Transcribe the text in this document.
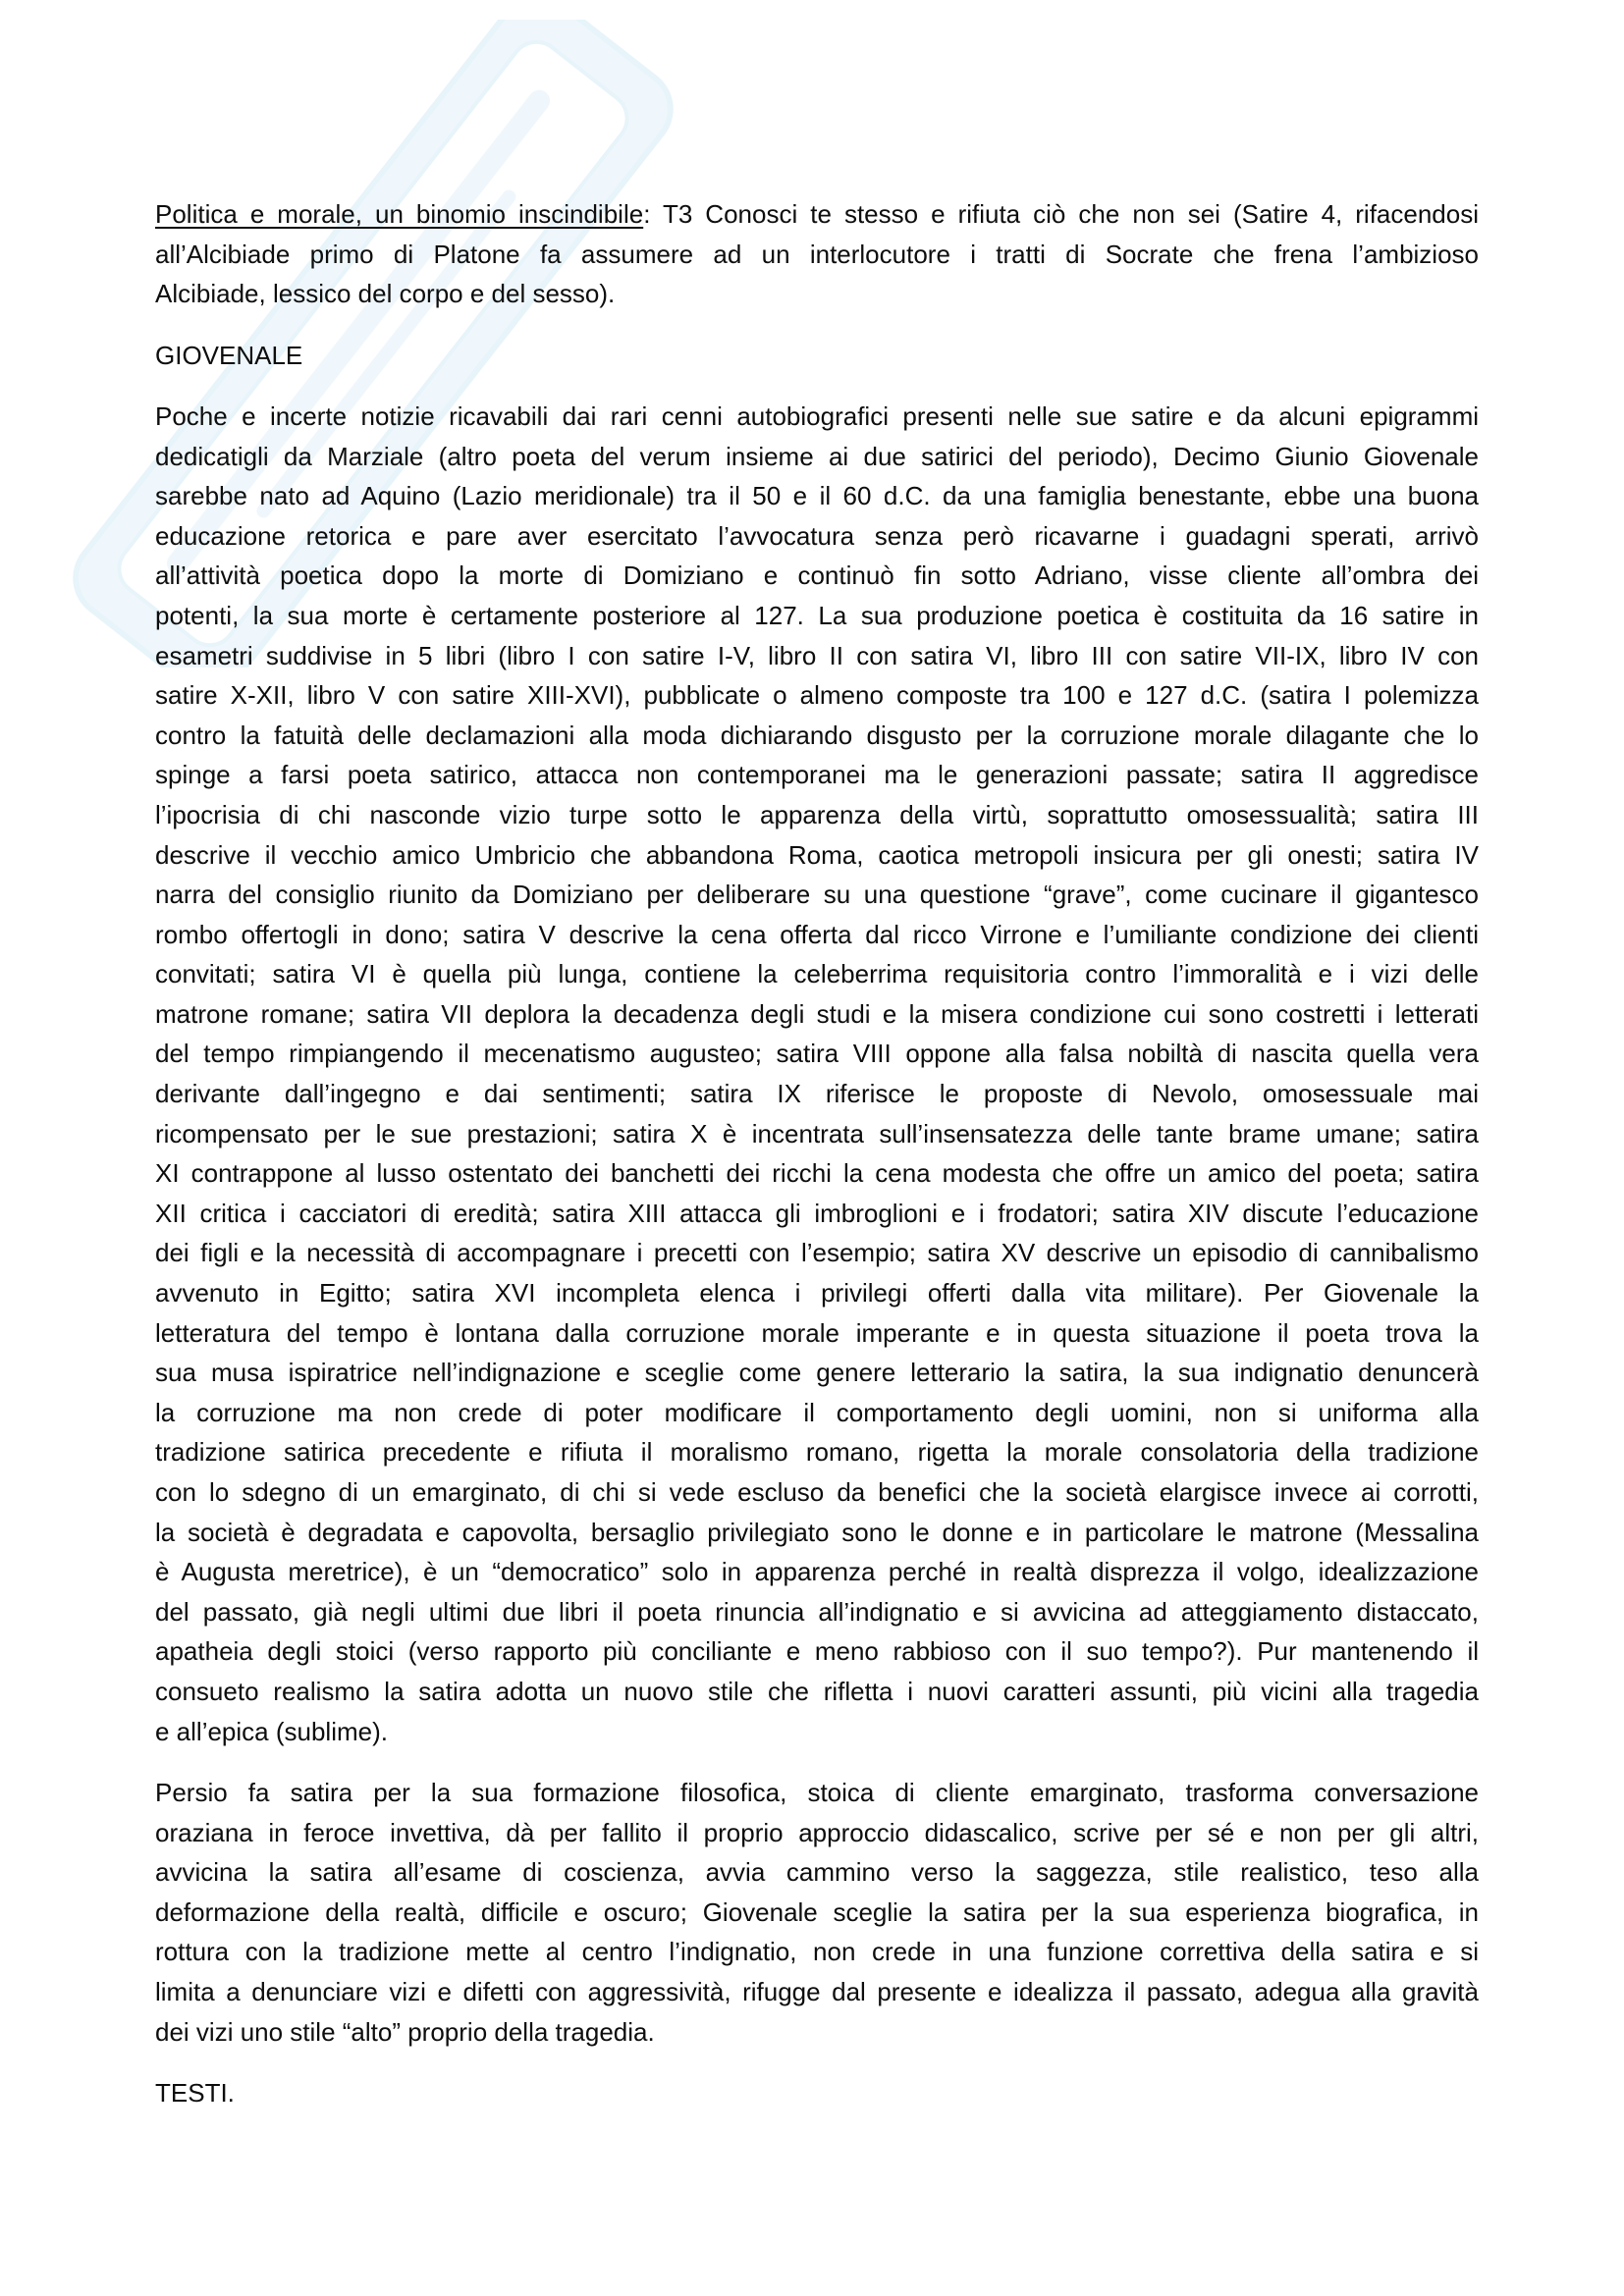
Politica e morale, un binomio inscindibile: T3 Conosci te stesso e rifiuta ciò che non sei (Satire 4, rifacendosi
all’Alcibiade primo di Platone fa assumere ad un interlocutore i tratti di Socrate che frena l’ambizioso
Alcibiade, lessico del corpo e del sesso).
GIOVENALE
Poche e incerte notizie ricavabili dai rari cenni autobiografici presenti nelle sue satire e da alcuni epigrammi
dedicatigli da Marziale (altro poeta del verum insieme ai due satirici del periodo), Decimo Giunio Giovenale
sarebbe nato ad Aquino (Lazio meridionale) tra il 50 e il 60 d.C. da una famiglia benestante, ebbe una buona
educazione retorica e pare aver esercitato l’avvocatura senza però ricavarne i guadagni sperati, arrivò
all’attività poetica dopo la morte di Domiziano e continuò fin sotto Adriano, visse cliente all’ombra dei
potenti, la sua morte è certamente posteriore al 127. La sua produzione poetica è costituita da 16 satire in
esametri suddivise in 5 libri (libro I con satire I-V, libro II con satira VI, libro III con satire VII-IX, libro IV con
satire X-XII, libro V con satire XIII-XVI), pubblicate o almeno composte tra 100 e 127 d.C. (satira I polemizza
contro la fatuità delle declamazioni alla moda dichiarando disgusto per la corruzione morale dilagante che lo
spinge a farsi poeta satirico, attacca non contemporanei ma le generazioni passate; satira II aggredisce
l’ipocrisia di chi nasconde vizio turpe sotto le apparenza della virtù, soprattutto omosessualità; satira III
descrive il vecchio amico Umbricio che abbandona Roma, caotica metropoli insicura per gli onesti; satira IV
narra del consiglio riunito da Domiziano per deliberare su una questione “grave”, come cucinare il gigantesco
rombo offertogli in dono; satira V descrive la cena offerta dal ricco Virrone e l’umiliante condizione dei clienti
convitati; satira VI è quella più lunga, contiene la celeberrima requisitoria contro l’immoralità e i vizi delle
matrone romane; satira VII deplora la decadenza degli studi e la misera condizione cui sono costretti i letterati
del tempo rimpiangendo il mecenatismo augusteo; satira VIII oppone alla falsa nobiltà di nascita quella vera
derivante dall’ingegno e dai sentimenti; satira IX riferisce le proposte di Nevolo, omosessuale mai
ricompensato per le sue prestazioni; satira X è incentrata sull’insensatezza delle tante brame umane; satira
XI contrappone al lusso ostentato dei banchetti dei ricchi la cena modesta che offre un amico del poeta; satira
XII critica i cacciatori di eredità; satira XIII attacca gli imbroglioni e i frodatori; satira XIV discute l’educazione
dei figli e la necessità di accompagnare i precetti con l’esempio; satira XV descrive un episodio di cannibalismo
avvenuto in Egitto; satira XVI incompleta elenca i privilegi offerti dalla vita militare). Per Giovenale la
letteratura del tempo è lontana dalla corruzione morale imperante e in questa situazione il poeta trova la
sua musa ispiratrice nell’indignazione e sceglie come genere letterario la satira, la sua indignatio denuncerà
la corruzione ma non crede di poter modificare il comportamento degli uomini, non si uniforma alla
tradizione satirica precedente e rifiuta il moralismo romano, rigetta la morale consolatoria della tradizione
con lo sdegno di un emarginato, di chi si vede escluso da benefici che la società elargisce invece ai corrotti,
la società è degradata e capovolta, bersaglio privilegiato sono le donne e in particolare le matrone (Messalina
è Augusta meretrice), è un “democratico” solo in apparenza perché in realtà disprezza il volgo, idealizzazione
del passato, già negli ultimi due libri il poeta rinuncia all’indignatio e si avvicina ad atteggiamento distaccato,
apatheia degli stoici (verso rapporto più conciliante e meno rabbioso con il suo tempo?). Pur mantenendo il
consueto realismo la satira adotta un nuovo stile che rifletta i nuovi caratteri assunti, più vicini alla tragedia
e all’epica (sublime).
Persio fa satira per la sua formazione filosofica, stoica di cliente emarginato, trasforma conversazione
oraziana in feroce invettiva, dà per fallito il proprio approccio didascalico, scrive per sé e non per gli altri,
avvicina la satira all’esame di coscienza, avvia cammino verso la saggezza, stile realistico, teso alla
deformazione della realtà, difficile e oscuro; Giovenale sceglie la satira per la sua esperienza biografica, in
rottura con la tradizione mette al centro l’indignatio, non crede in una funzione correttiva della satira e si
limita a denunciare vizi e difetti con aggressività, rifugge dal presente e idealizza il passato, adegua alla gravità
dei vizi uno stile “alto” proprio della tragedia.
TESTI.
